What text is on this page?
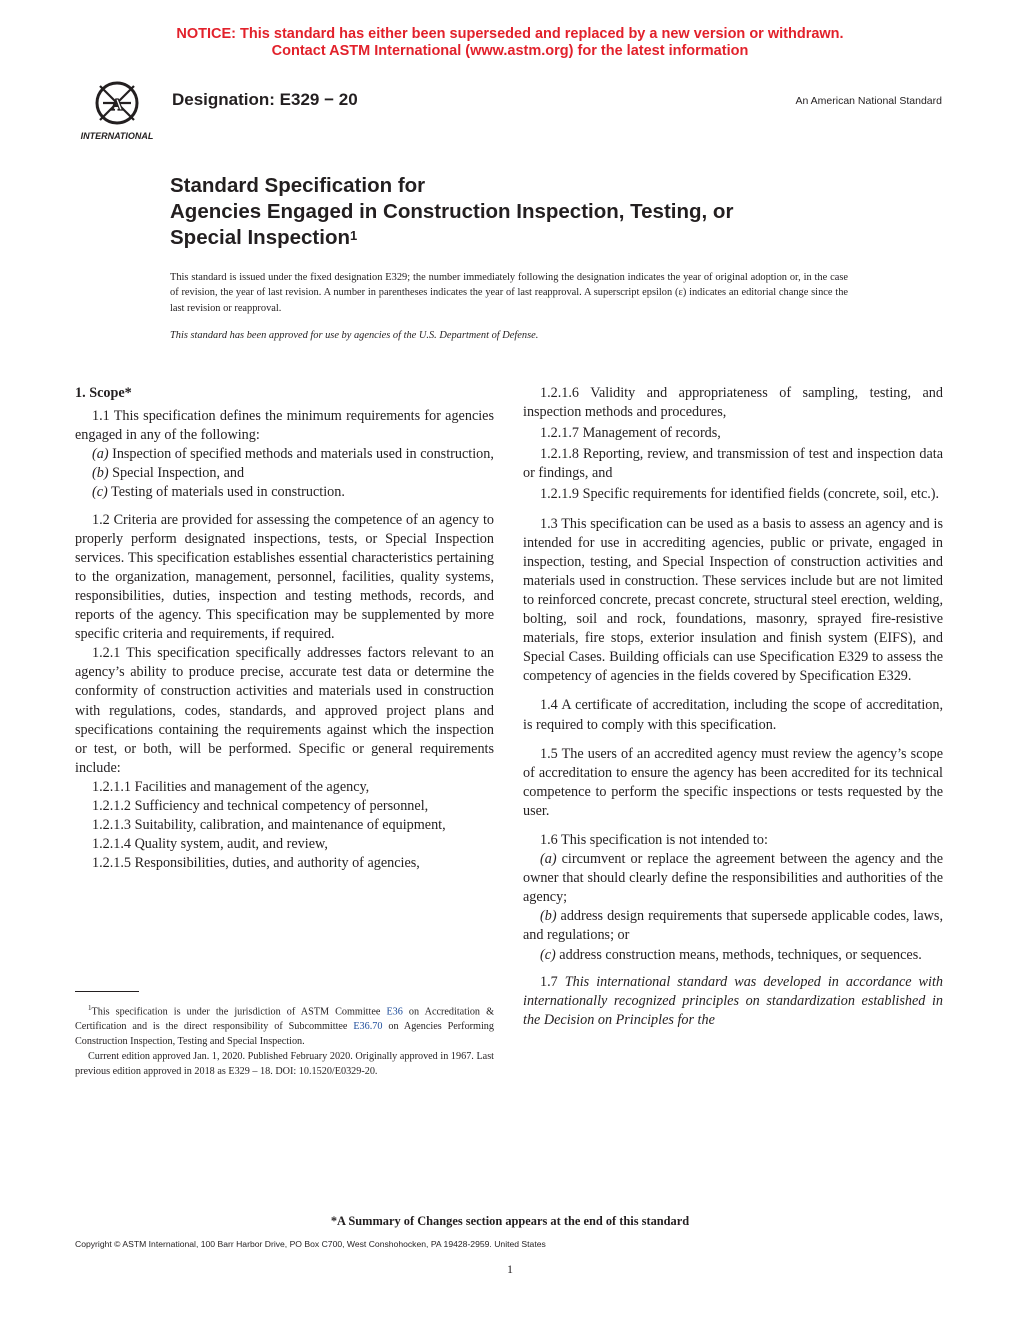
NOTICE: This standard has either been superseded and replaced by a new version or withdrawn.
Contact ASTM International (www.astm.org) for the latest information
A
INTERNATIONAL
Designation: E329 − 20	An American National Standard
Standard Specification for
Agencies Engaged in Construction Inspection, Testing, or
Special Inspection$^1$
This standard is issued under the fixed designation E329; the number immediately following the designation indicates the year of original adoption or, in the case of revision, the year of last revision. A number in parentheses indicates the year of last reapproval. A superscript epsilon (ε) indicates an editorial change since the last revision or reapproval.
This standard has been approved for use by agencies of the U.S. Department of Defense.

1. Scope*

1.1 This specification defines the minimum requirements for agencies engaged in any of the following:

(a) Inspection of specified methods and materials used in construction,

(b) Special Inspection, and

(c) Testing of materials used in construction.

1.2 Criteria are provided for assessing the competence of an agency to properly perform designated inspections, tests, or Special Inspection services. This specification establishes essential characteristics pertaining to the organization, management, personnel, facilities, quality systems, responsibilities, duties, inspection and testing methods, records, and reports of the agency. This specification may be supplemented by more specific criteria and requirements, if required.

1.2.1 This specification specifically addresses factors relevant to an agency’s ability to produce precise, accurate test data or determine the conformity of construction activities and materials used in construction with regulations, codes, standards, and approved project plans and specifications containing the requirements against which the inspection or test, or both, will be performed. Specific or general requirements include:

1.2.1.1 Facilities and management of the agency,

1.2.1.2 Sufficiency and technical competency of personnel,

1.2.1.3 Suitability, calibration, and maintenance of equipment,

1.2.1.4 Quality system, audit, and review,

1.2.1.5 Responsibilities, duties, and authority of agencies,

1.2.1.6 Validity and appropriateness of sampling, testing, and inspection methods and procedures,

1.2.1.7 Management of records,

1.2.1.8 Reporting, review, and transmission of test and inspection data or findings, and

1.2.1.9 Specific requirements for identified fields (concrete, soil, etc.).

1.3 This specification can be used as a basis to assess an agency and is intended for use in accrediting agencies, public or private, engaged in inspection, testing, and Special Inspection of construction activities and materials used in construction. These services include but are not limited to reinforced concrete, precast concrete, structural steel erection, welding, bolting, soil and rock, foundations, masonry, sprayed fire-resistive materials, fire stops, exterior insulation and finish system (EIFS), and Special Cases. Building officials can use Specification E329 to assess the competency of agencies in the fields covered by Specification E329.

1.4 A certificate of accreditation, including the scope of accreditation, is required to comply with this specification.

1.5 The users of an accredited agency must review the agency’s scope of accreditation to ensure the agency has been accredited for its technical competence to perform the specific inspections or tests requested by the user.

1.6 This specification is not intended to:

(a) circumvent or replace the agreement between the agency and the owner that should clearly define the responsibilities and authorities of the agency;

(b) address design requirements that supersede applicable codes, laws, and regulations; or

(c) address construction means, methods, techniques, or sequences.

1.7 This international standard was developed in accordance with internationally recognized principles on standardization established in the Decision on Principles for the

$^1$This specification is under the jurisdiction of ASTM Committee E36 on Accreditation & Certification and is the direct responsibility of Subcommittee E36.70 on Agencies Performing Construction Inspection, Testing and Special Inspection.

Current edition approved Jan. 1, 2020. Published February 2020. Originally approved in 1967. Last previous edition approved in 2018 as E329 – 18. DOI: 10.1520/E0329-20.

*A Summary of Changes section appears at the end of this standard
Copyright © ASTM International, 100 Barr Harbor Drive, PO Box C700, West Conshohocken, PA 19428-2959. United States
1
